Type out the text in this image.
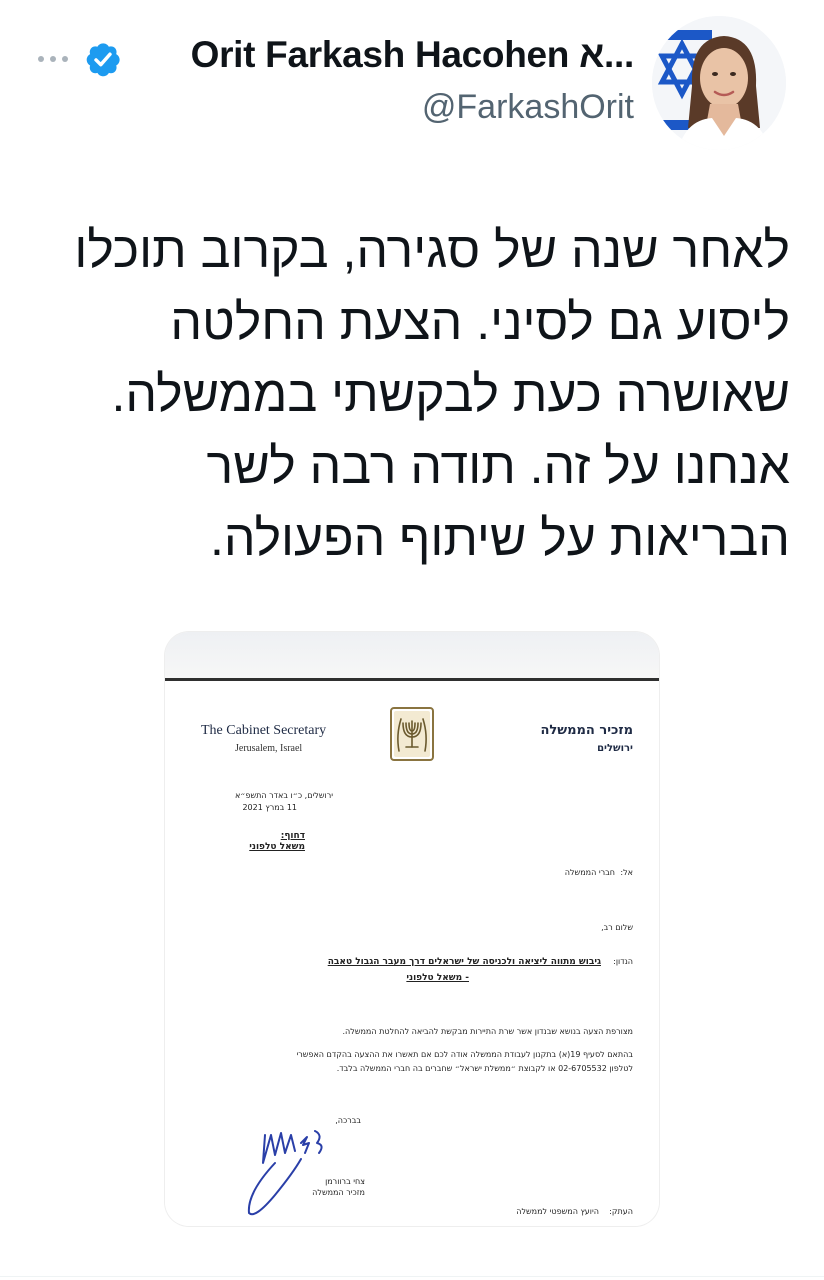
Orit Farkash Hacohen א...
@FarkashOrit
לאחר שנה של סגירה, בקרוב תוכלו
ליסוע גם לסיני. הצעת החלטה
שאושרה כעת לבקשתי בממשלה.
אנחנו על זה. תודה רבה לשר
הבריאות על שיתוף הפעולה.
The Cabinet Secretary
Jerusalem, Israel
מזכיר הממשלה
ירושלים
ירושלים, כ״ו באדר התשפ״א
11 במרץ 2021
דחוף:
משאל טלפוני
אל:
חברי הממשלה
שלום רב,
הנדון:
גיבוש מתווה ליציאה ולכניסה של ישראלים דרך מעבר הגבול טאבה
- משאל טלפוני
מצורפת הצעה בנושא שבנדון אשר שרת התיירות מבקשת להביאה להחלטת הממשלה.
בהתאם לסעיף 19(א) בתקנון לעבודת הממשלה אודה לכם אם תאשרו את ההצעה בהקדם האפשרי
לטלפון 02-6705532 או לקבוצת ״ממשלת ישראל״ שחברים בה חברי הממשלה בלבד.
בברכה,
צחי ברוורמן
מזכיר הממשלה
העתק:
היועץ המשפטי לממשלה
